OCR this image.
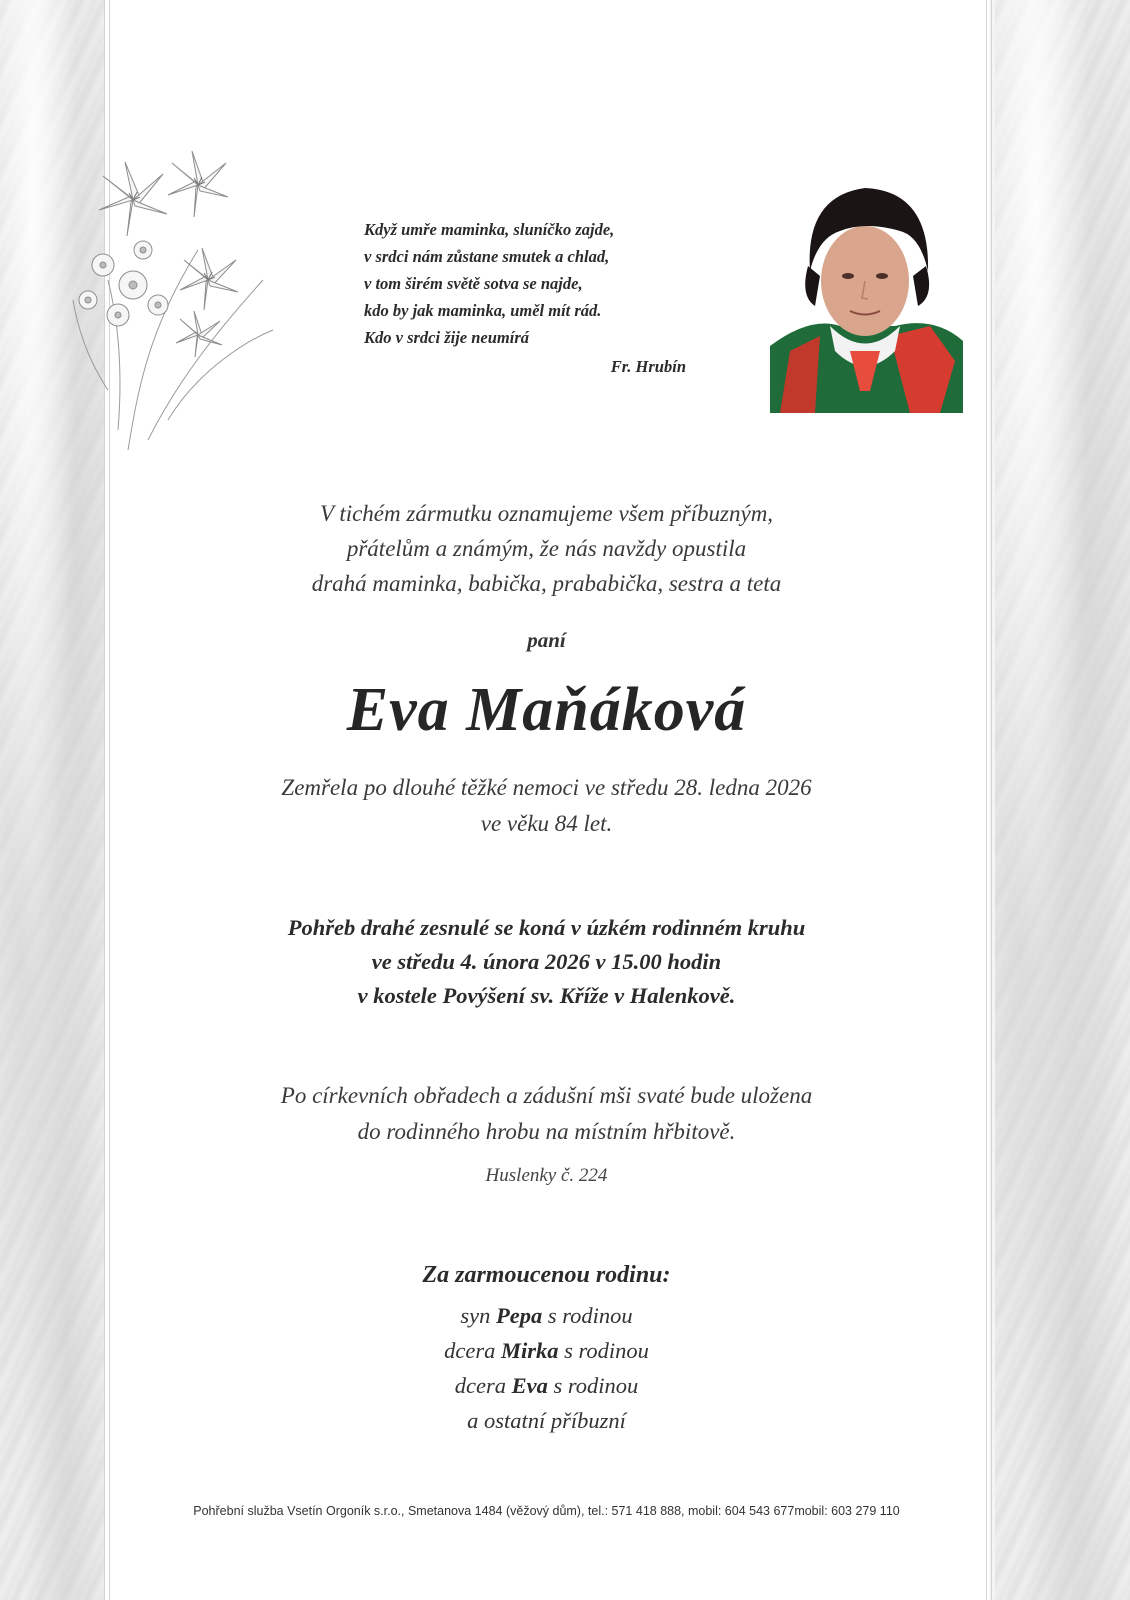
Když umře maminka, sluníčko zajde,
v srdci nám zůstane smutek a chlad,
v tom širém světě sotva se najde,
kdo by jak maminka, uměl mít rád.
Kdo v srdci žije neumírá
Fr. Hrubín
V tichém zármutku oznamujeme všem příbuzným,
přátelům a známým, že nás navždy opustila
drahá maminka, babička, prababička, sestra a teta
paní
Eva Maňáková
Zemřela po dlouhé těžké nemoci ve středu 28. ledna 2026
ve věku 84 let.
Pohřeb drahé zesnulé se koná v úzkém rodinném kruhu
ve středu 4. února 2026 v 15.00 hodin
v kostele Povýšení sv. Kříže v Halenkově.
Po církevních obřadech a zádušní mši svaté bude uložena
do rodinného hrobu na místním hřbitově.
Huslenky č. 224
Za zarmoucenou rodinu:
syn Pepa s rodinou
dcera Mirka s rodinou
dcera Eva s rodinou
a ostatní příbuzní
Pohřební služba Vsetín Orgoník s.r.o., Smetanova 1484 (věžový dům), tel.: 571 418 888, mobil: 604 543 677mobil: 603 279 110
